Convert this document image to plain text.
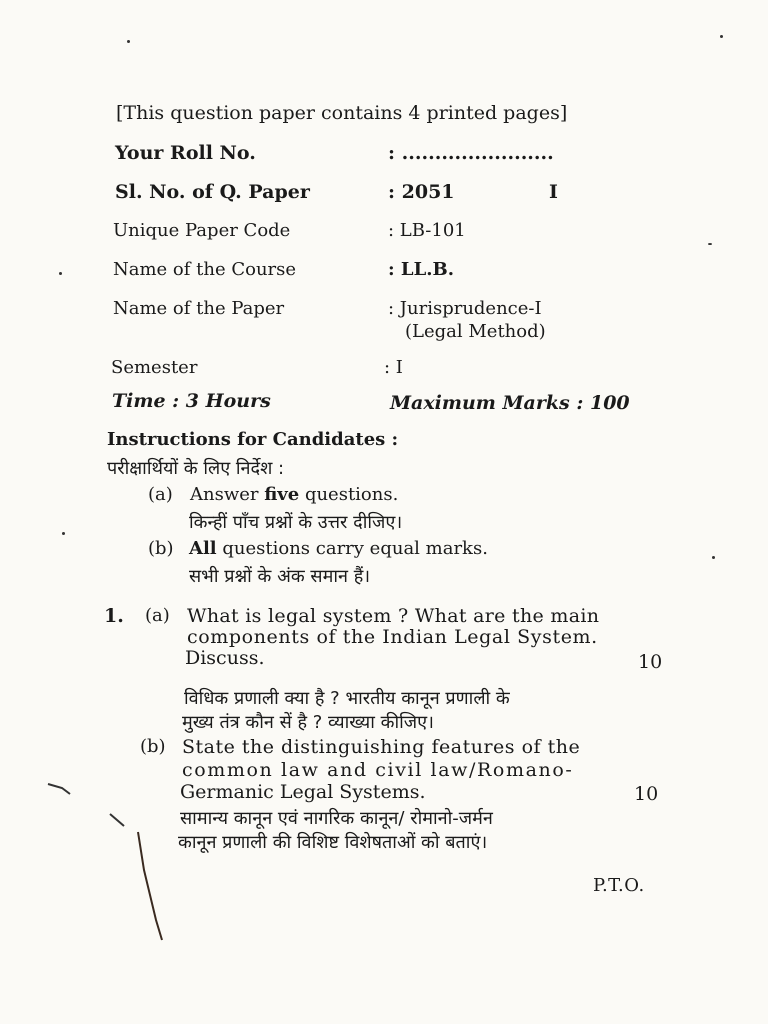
[This question paper contains 4 printed pages]
Your Roll No.	: .......................
Sl. No. of Q. Paper	: 2051	I
Unique Paper Code	: LB-101
Name of the Course	: LL.B.
Name of the Paper	: Jurisprudence-I
(Legal Method)
Semester	: I
Time : 3 Hours	Maximum Marks : 100
Instructions for Candidates :
परीक्षार्थियों के लिए निर्देश :
(a) Answer five questions.
किन्हीं पाँच प्रश्नों के उत्तर दीजिए।
(b) All questions carry equal marks.
सभी प्रश्नों के अंक समान हैं।
1. (a) What is legal system ? What are the main
components of the Indian Legal System.
Discuss.	10
विधिक प्रणाली क्या है ? भारतीय कानून प्रणाली के
मुख्य तंत्र कौन सें है ? व्याख्या कीजिए।
(b) State the distinguishing features of the
common law and civil law/Romano-
Germanic Legal Systems.	10
सामान्य कानून एवं नागरिक कानून/ रोमानो-जर्मन
कानून प्रणाली की विशिष्ट विशेषताओं को बताएं।
P.T.O.
